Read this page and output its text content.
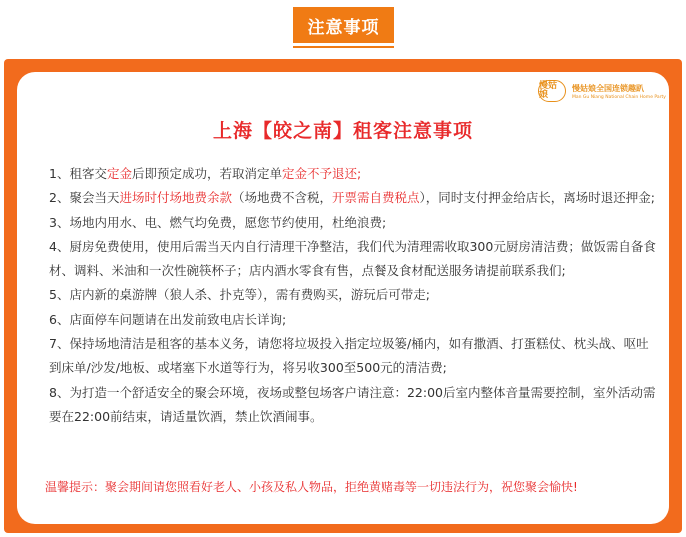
注意事项
慢姑娘
慢姑娘全国连锁趣趴
Man Gu Niang National Chain Home Party
上海【皎之南】租客注意事项
1、租客交定金后即预定成功，若取消定单定金不予退还;
2、聚会当天进场时付场地费余款（场地费不含税，开票需自费税点），同时支付押金给店长，离场时退还押金;
3、场地内用水、电、燃气均免费，愿您节约使用，杜绝浪费;
4、厨房免费使用，使用后需当天内自行清理干净整洁，我们代为清理需收取300元厨房清洁费；做饭需自备食材、调料、米油和一次性碗筷杯子；店内酒水零食有售，点餐及食材配送服务请提前联系我们;
5、店内新的桌游牌（狼人杀、扑克等），需有费购买，游玩后可带走;
6、店面停车问题请在出发前致电店长详询;
7、保持场地清洁是租客的基本义务，请您将垃圾投入指定垃圾篓/桶内，如有撒酒、打蛋糕仗、枕头战、呕吐到床单/沙发/地板、或堵塞下水道等行为，将另收300至500元的清洁费;
8、为打造一个舒适安全的聚会环境，夜场或整包场客户请注意：22:00后室内整体音量需要控制，室外活动需要在22:00前结束，请适量饮酒，禁止饮酒闹事。
温馨提示：聚会期间请您照看好老人、小孩及私人物品，拒绝黄赌毒等一切违法行为，祝您聚会愉快!
